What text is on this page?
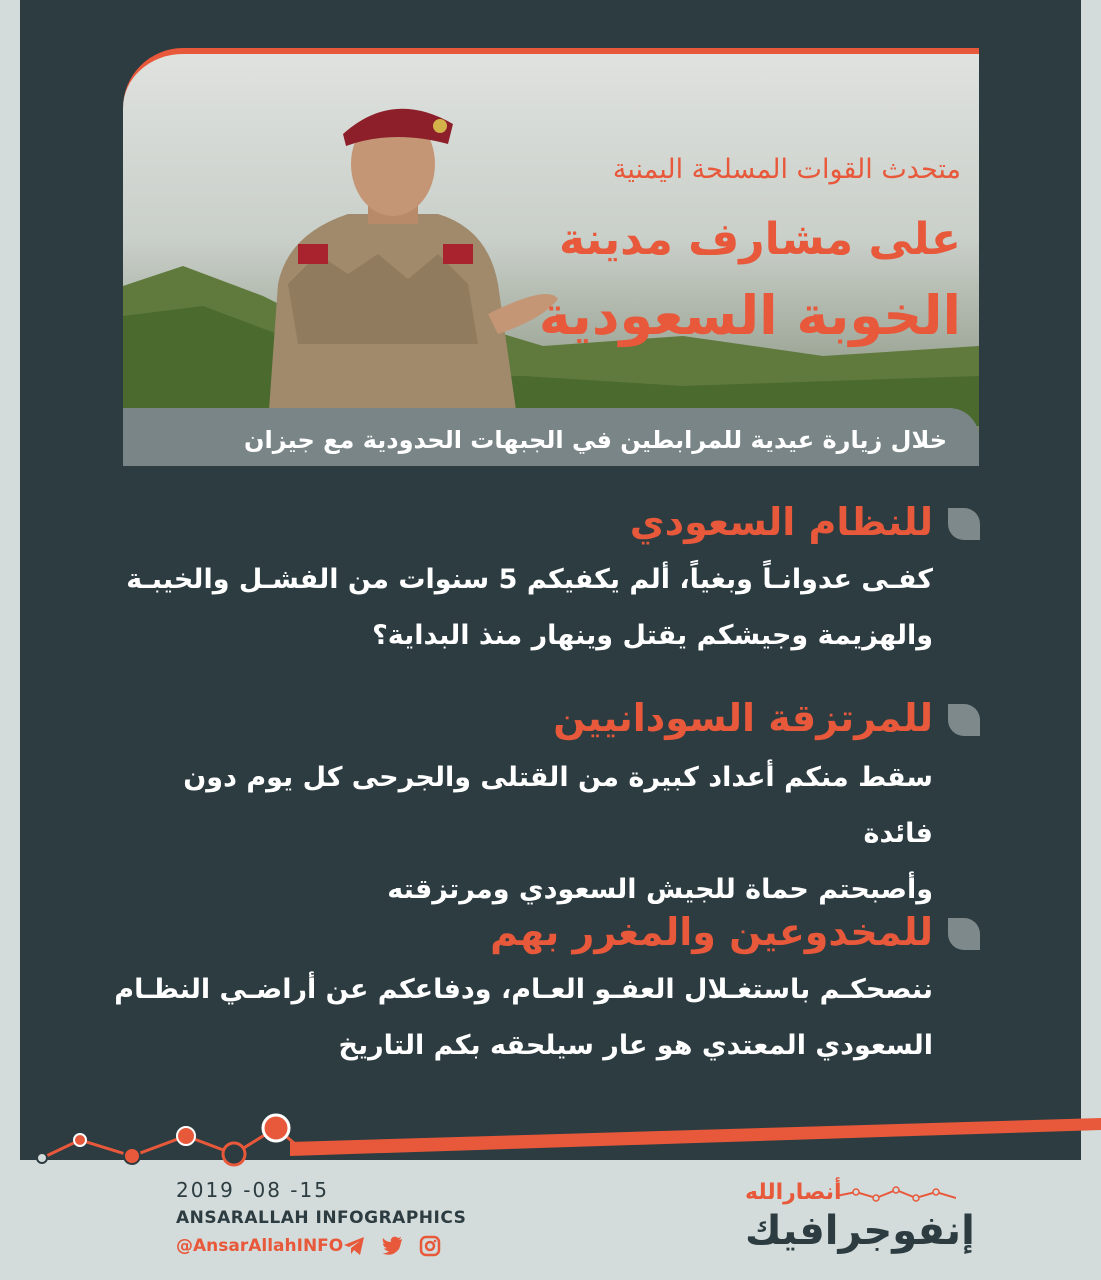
متحدث القوات المسلحة اليمنية
على مشارف مدينة
الخوبة السعودية
خلال زيارة عيدية للمرابطين في الجبهات الحدودية مع جيزان
للنظام السعودي
كفـى عدوانـاً وبغياً، ألم يكفيكم 5 سنوات من الفشـل والخيبـة
والهزيمة وجيشكم يقتل وينهار منذ البداية؟
للمرتزقة السودانيين
سقط منكم أعداد كبيرة من القتلى والجرحى كل يوم دون فائدة
وأصبحتم حماة للجيش السعودي ومرتزقته
للمخدوعين والمغرر بهم
ننصحكـم باستغـلال العفـو العـام، ودفاعكم عن أراضـي النظـام
السعودي المعتدي هو عار سيلحقه بكم التاريخ
2019 -08 -15
ANSARALLAH INFOGRAPHICS
@AnsarAllahINFO
أنصارالله
إنفوجرافيك
